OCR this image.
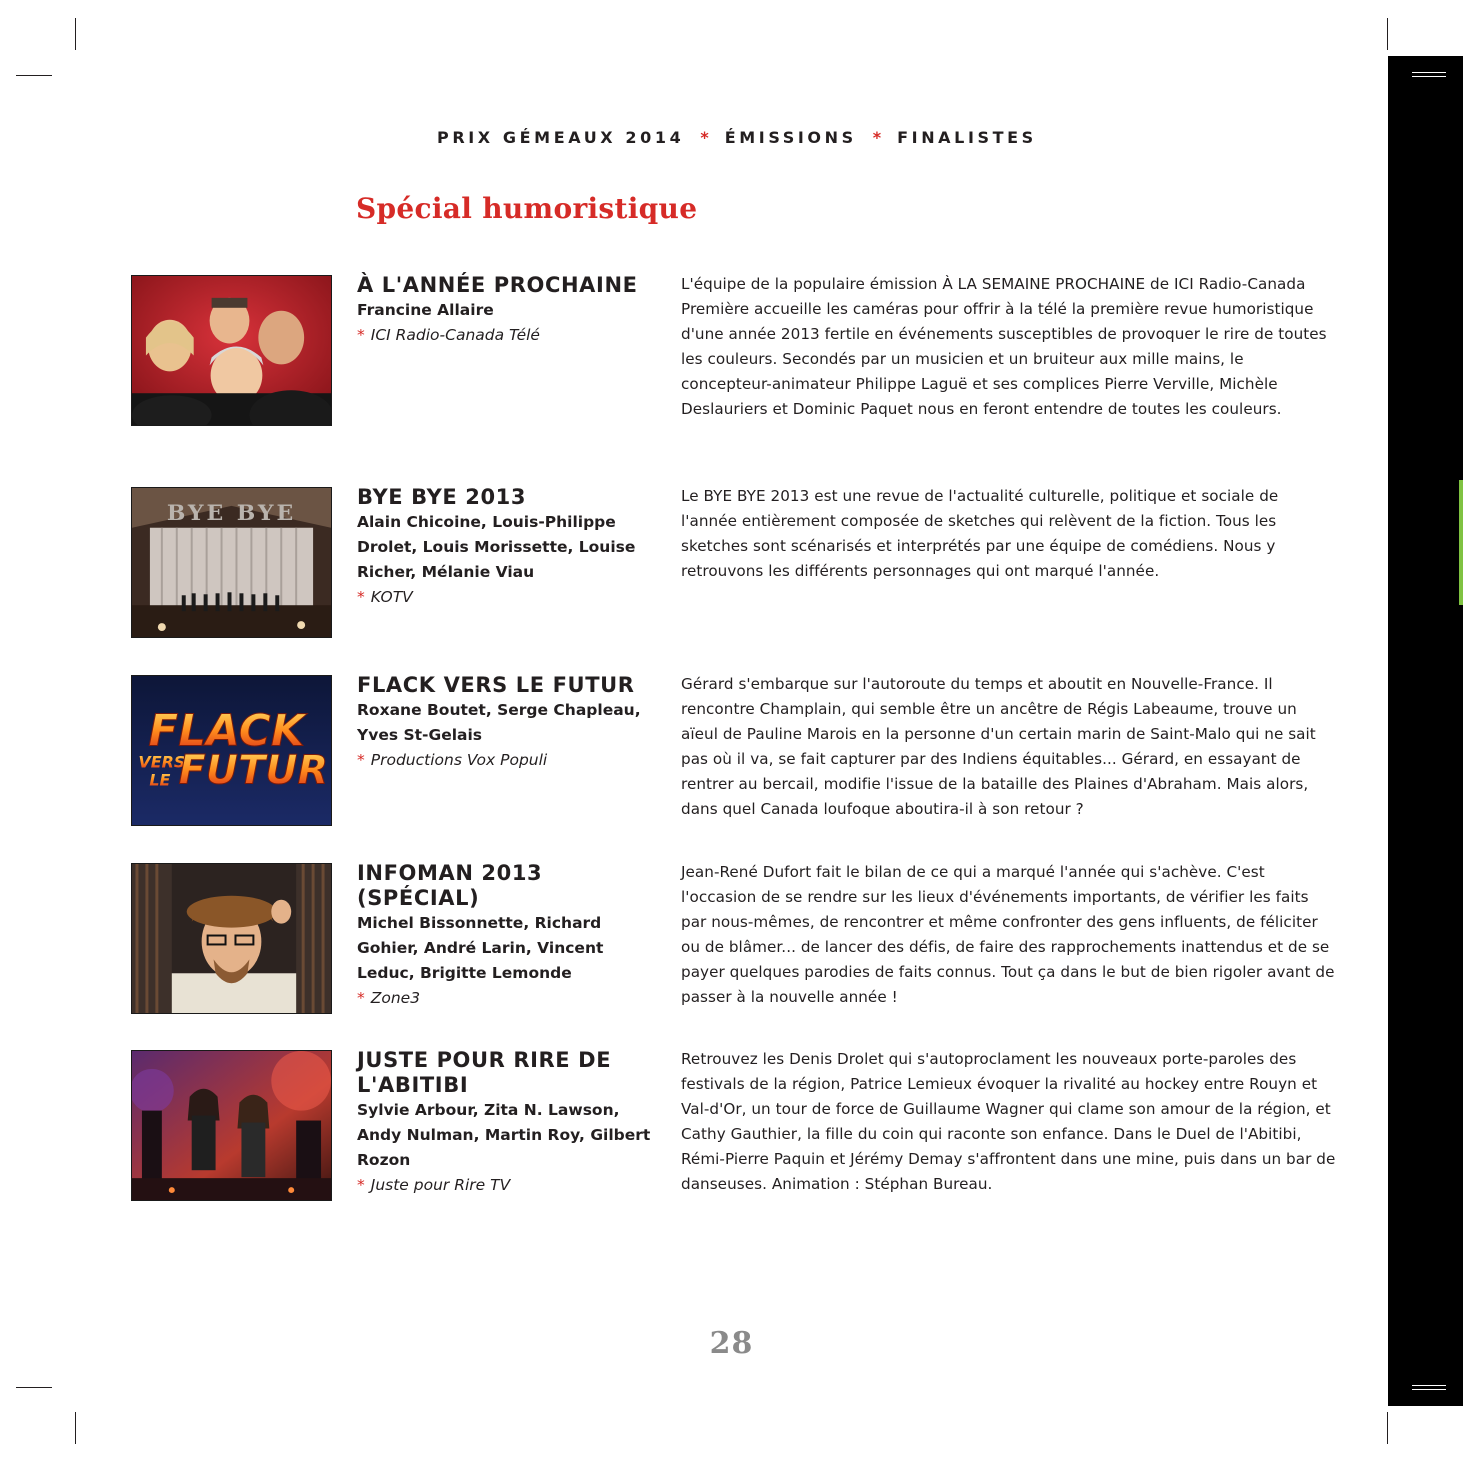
PRIX GÉMEAUX 2014 * ÉMISSIONS * FINALISTES
Spécial humoristique
À L'ANNÉE PROCHAINE
Francine Allaire
* ICI Radio-Canada Télé
L'équipe de la populaire émission À LA SEMAINE PROCHAINE de ICI Radio-Canada Première accueille les caméras pour offrir à la télé la première revue humoristique d'une année 2013 fertile en événements susceptibles de provoquer le rire de toutes les couleurs. Secondés par un musicien et un bruiteur aux mille mains, le concepteur-animateur Philippe Laguë et ses complices Pierre Verville, Michèle Deslauriers et Dominic Paquet nous en feront entendre de toutes les couleurs.
BYE BYE
BYE BYE 2013
Alain Chicoine, Louis-Philippe Drolet, Louis Morissette, Louise Richer, Mélanie Viau
* KOTV
Le BYE BYE 2013 est une revue de l'actualité culturelle, politique et sociale de l'année entièrement composée de sketches qui relèvent de la fiction. Tous les sketches sont scénarisés et interprétés par une équipe de comédiens. Nous y retrouvons les différents personnages qui ont marqué l'année.
FLACK
VERS
LE FUTUR
FLACK VERS LE FUTUR
Roxane Boutet, Serge Chapleau, Yves St-Gelais
* Productions Vox Populi
Gérard s'embarque sur l'autoroute du temps et aboutit en Nouvelle-France. Il rencontre Champlain, qui semble être un ancêtre de Régis Labeaume, trouve un aïeul de Pauline Marois en la personne d'un certain marin de Saint-Malo qui ne sait pas où il va, se fait capturer par des Indiens équitables... Gérard, en essayant de rentrer au bercail, modifie l'issue de la bataille des Plaines d'Abraham. Mais alors, dans quel Canada loufoque aboutira-il à son retour ?
INFOMAN 2013 (SPÉCIAL)
Michel Bissonnette, Richard Gohier, André Larin, Vincent Leduc, Brigitte Lemonde
* Zone3
Jean-René Dufort fait le bilan de ce qui a marqué l'année qui s'achève. C'est l'occasion de se rendre sur les lieux d'événements importants, de vérifier les faits par nous-mêmes, de rencontrer et même confronter des gens influents, de féliciter ou de blâmer... de lancer des défis, de faire des rapprochements inattendus et de se payer quelques parodies de faits connus. Tout ça dans le but de bien rigoler avant de passer à la nouvelle année !
JUSTE POUR RIRE DE L'ABITIBI
Sylvie Arbour, Zita N. Lawson, Andy Nulman, Martin Roy, Gilbert Rozon
* Juste pour Rire TV
Retrouvez les Denis Drolet qui s'autoproclament les nouveaux porte-paroles des festivals de la région, Patrice Lemieux évoquer la rivalité au hockey entre Rouyn et Val-d'Or, un tour de force de Guillaume Wagner qui clame son amour de la région, et Cathy Gauthier, la fille du coin qui raconte son enfance. Dans le Duel de l'Abitibi, Rémi-Pierre Paquin et Jérémy Demay s'affrontent dans une mine, puis dans un bar de danseuses. Animation : Stéphan Bureau.
28
